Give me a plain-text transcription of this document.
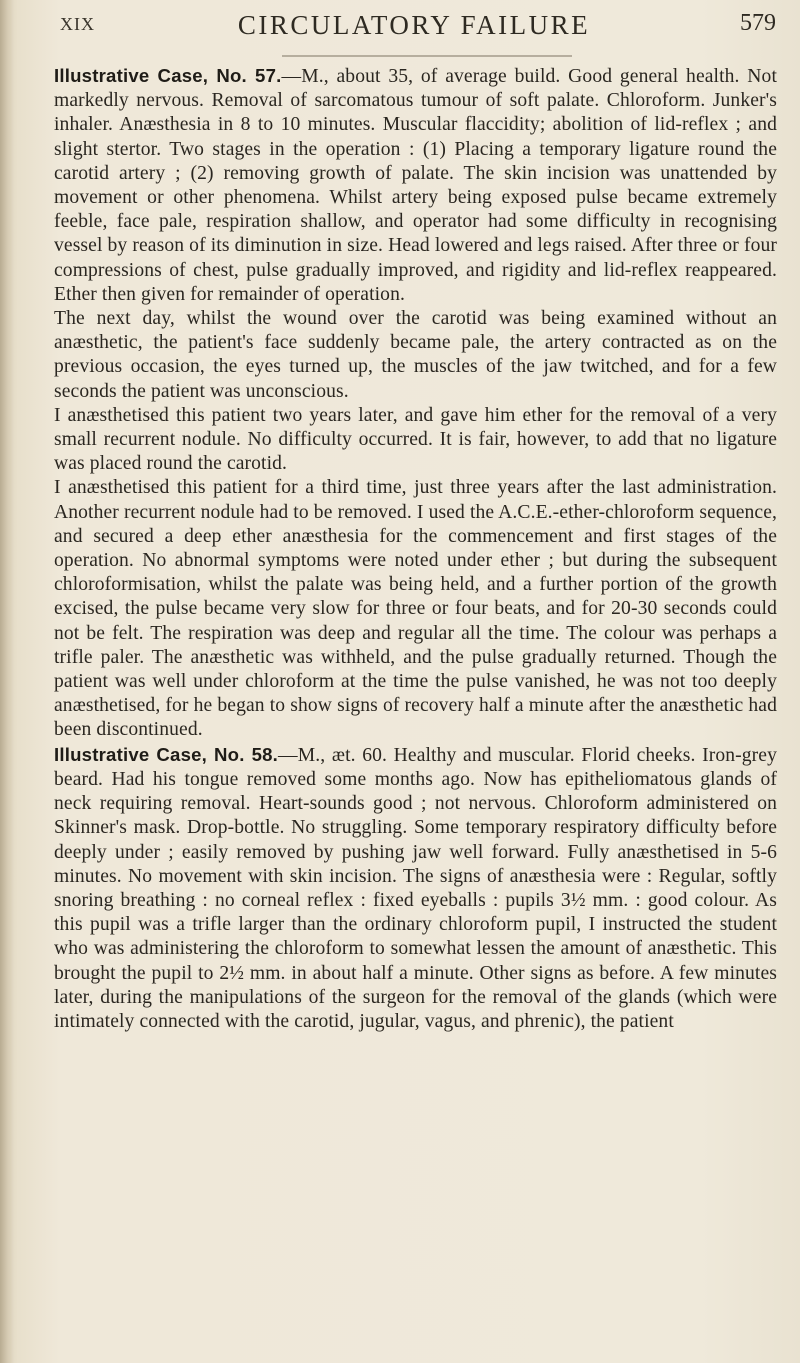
XIX	CIRCULATORY FAILURE	579

Illustrative Case, No. 57.—M., about 35, of average build. Good general health. Not markedly nervous. Removal of sarcomatous tumour of soft palate. Chloroform. Junker's inhaler. Anæsthesia in 8 to 10 minutes. Muscular flaccidity; abolition of lid-reflex ; and slight stertor. Two stages in the operation : (1) Placing a temporary ligature round the carotid artery ; (2) removing growth of palate. The skin incision was unattended by movement or other phenomena. Whilst artery being exposed pulse became extremely feeble, face pale, respiration shallow, and operator had some difficulty in recognising vessel by reason of its diminution in size. Head lowered and legs raised. After three or four compressions of chest, pulse gradually improved, and rigidity and lid-reflex reappeared. Ether then given for remainder of operation.

The next day, whilst the wound over the carotid was being examined without an anæsthetic, the patient's face suddenly became pale, the artery contracted as on the previous occasion, the eyes turned up, the muscles of the jaw twitched, and for a few seconds the patient was unconscious.

I anæsthetised this patient two years later, and gave him ether for the removal of a very small recurrent nodule. No difficulty occurred. It is fair, however, to add that no ligature was placed round the carotid.

I anæsthetised this patient for a third time, just three years after the last administration. Another recurrent nodule had to be removed. I used the A.C.E.-ether-chloroform sequence, and secured a deep ether anæsthesia for the commencement and first stages of the operation. No abnormal symptoms were noted under ether ; but during the subsequent chloroformisation, whilst the palate was being held, and a further portion of the growth excised, the pulse became very slow for three or four beats, and for 20-30 seconds could not be felt. The respiration was deep and regular all the time. The colour was perhaps a trifle paler. The anæsthetic was withheld, and the pulse gradually returned. Though the patient was well under chloroform at the time the pulse vanished, he was not too deeply anæsthetised, for he began to show signs of recovery half a minute after the anæsthetic had been discontinued.

Illustrative Case, No. 58.—M., æt. 60. Healthy and muscular. Florid cheeks. Iron-grey beard. Had his tongue removed some months ago. Now has epitheliomatous glands of neck requiring removal. Heart-sounds good ; not nervous. Chloroform administered on Skinner's mask. Drop-bottle. No struggling. Some temporary respiratory difficulty before deeply under ; easily removed by pushing jaw well forward. Fully anæsthetised in 5-6 minutes. No movement with skin incision. The signs of anæsthesia were : Regular, softly snoring breathing : no corneal reflex : fixed eyeballs : pupils 3½ mm. : good colour. As this pupil was a trifle larger than the ordinary chloroform pupil, I instructed the student who was administering the chloroform to somewhat lessen the amount of anæsthetic. This brought the pupil to 2½ mm. in about half a minute. Other signs as before. A few minutes later, during the manipulations of the surgeon for the removal of the glands (which were intimately connected with the carotid, jugular, vagus, and phrenic), the patient
